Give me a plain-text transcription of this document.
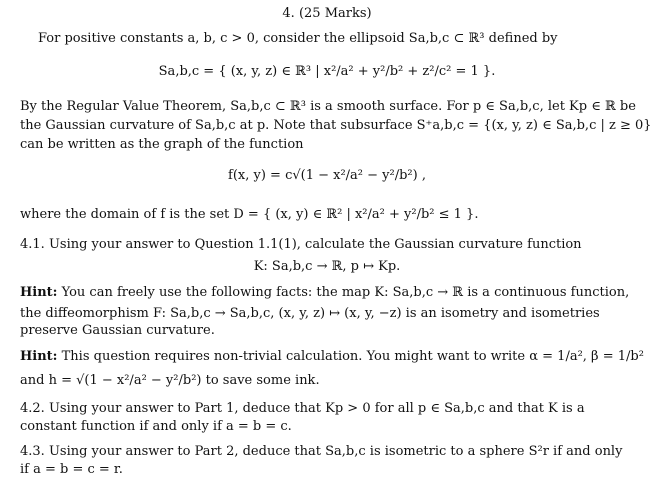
4. (25 Marks)
For positive constants a, b, c > 0, consider the ellipsoid Sa,b,c ⊂ ℝ³ defined by
Sa,b,c = { (x, y, z) ∈ ℝ³ | x²/a² + y²/b² + z²/c² = 1 }.
By the Regular Value Theorem, Sa,b,c ⊂ ℝ³ is a smooth surface. For p ∈ Sa,b,c, let Kp ∈ ℝ be
the Gaussian curvature of Sa,b,c at p. Note that subsurface S⁺a,b,c = {(x, y, z) ∈ Sa,b,c | z ≥ 0}
can be written as the graph of the function
f(x, y) = c√(1 − x²/a² − y²/b²) ,
where the domain of f is the set D = { (x, y) ∈ ℝ² | x²/a² + y²/b² ≤ 1 }.
4.1. Using your answer to Question 1.1(1), calculate the Gaussian curvature function
K: Sa,b,c → ℝ, p ↦ Kp.
Hint: You can freely use the following facts: the map K: Sa,b,c → ℝ is a continuous function,
the diffeomorphism F: Sa,b,c → Sa,b,c, (x, y, z) ↦ (x, y, −z) is an isometry and isometries
preserve Gaussian curvature.
Hint: This question requires non-trivial calculation. You might want to write α = 1/a², β = 1/b²
and h = √(1 − x²/a² − y²/b²) to save some ink.
4.2. Using your answer to Part 1, deduce that Kp > 0 for all p ∈ Sa,b,c and that K is a
constant function if and only if a = b = c.
4.3. Using your answer to Part 2, deduce that Sa,b,c is isometric to a sphere S²r if and only
if a = b = c = r.
